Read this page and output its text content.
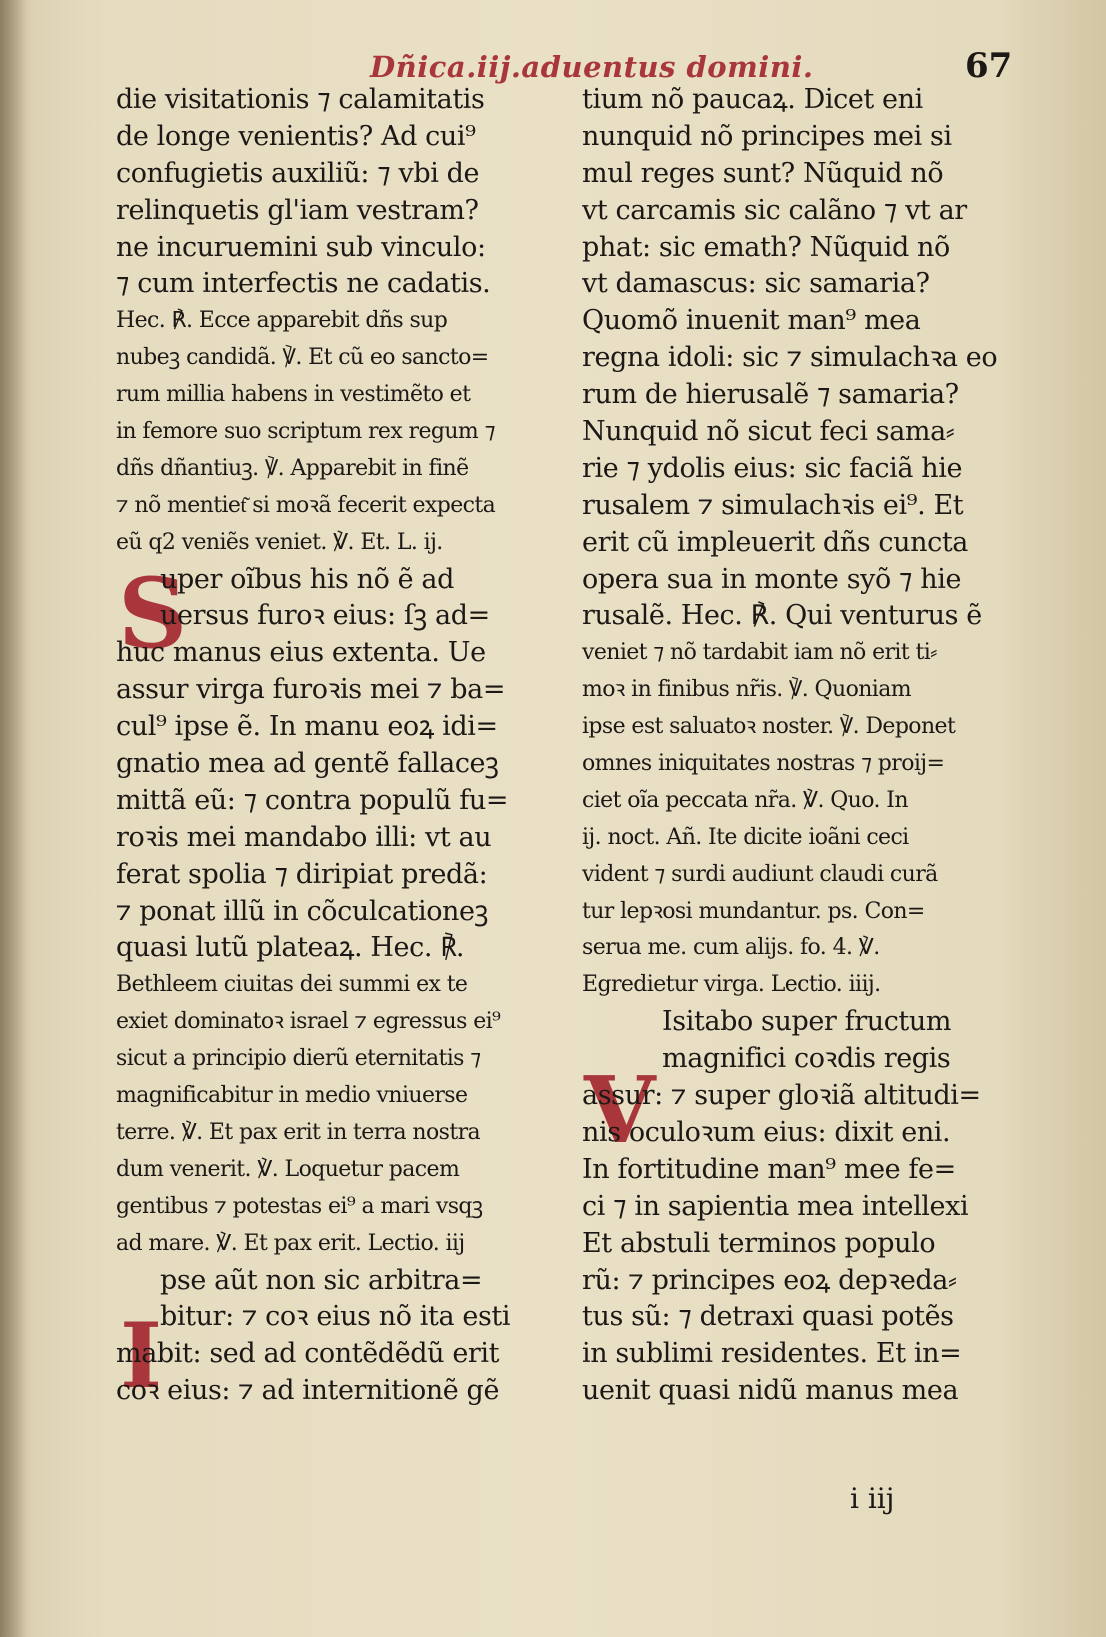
Dñica.iij.aduentus domini.	67
S
I
V
die visitationis ⁊ calamitatis
de longe venientis? Ad cui⁹
confugietis auxiliũ: ⁊ vbi de
relinquetis gl'iam vestram?
ne incuruemini sub vinculo:
⁊ cum interfectis ne cadatis.
Hec. ℟. Ecce apparebit dñs sup
nubeꝫ candidã. ℣. Et cũ eo sancto=
rum millia habens in vestimẽto et
in femore suo scriptum rex regum ⁊
dñs dñantiuꝫ. ℣. Apparebit in finẽ
⁊ nõ mentiet͂ si moꝛã fecerit expecta
eũ q2 veniẽs veniet. ℣. Et. L. ij.
uper oĩbus his nõ ẽ ad
uersus furoꝛ eius: ſꝫ ad=
huc manus eius extenta. Ue
assur virga furoꝛis mei ⁊ ba=
cul⁹ ipse ẽ. In manu eoꝝ idi=
gnatio mea ad gentẽ fallaceꝫ
mittã eũ: ⁊ contra populũ fu=
roꝛis mei mandabo illi: vt au
ferat spolia ⁊ diripiat predã:
⁊ ponat illũ in cõculcationeꝫ
quasi lutũ plateaꝝ. Hec. ℟.
Bethleem ciuitas dei summi ex te
exiet dominatoꝛ israel ⁊ egressus ei⁹
sicut a principio dierũ eternitatis ⁊
magnificabitur in medio vniuerse
terre. ℣. Et pax erit in terra nostra
dum venerit. ℣. Loquetur pacem
gentibus ⁊ potestas ei⁹ a mari vsqꝫ
ad mare. ℣. Et pax erit. Lectio. iij
pse aũt non sic arbitra=
bitur: ⁊ coꝛ eius nõ ita esti
mabit: sed ad contẽdẽdũ erit
coꝛ eius: ⁊ ad internitionẽ gẽ
tium nõ paucaꝝ. Dicet eni
nunquid nõ principes mei si
mul reges sunt? Nũquid nõ
vt carcamis sic calãno ⁊ vt ar
phat: sic emath? Nũquid nõ
vt damascus: sic samaria?
Quomõ inuenit man⁹ mea
regna idoli: sic ⁊ simulachꝛa eo
rum de hierusalẽ ⁊ samaria?
Nunquid nõ sicut feci sama⸗
rie ⁊ ydolis eius: sic faciã hie
rusalem ⁊ simulachꝛis ei⁹. Et
erit cũ impleuerit dñs cuncta
opera sua in monte syõ ⁊ hie
rusalẽ. Hec. ℟. Qui venturus ẽ
veniet ⁊ nõ tardabit iam nõ erit ti⸗
moꝛ in finibus nr̃is. ℣. Quoniam
ipse est saluatoꝛ noster. ℣. Deponet
omnes iniquitates nostras ⁊ proij=
ciet oĩa peccata nr̃a. ℣. Quo. In
ij. noct. Añ. Ite dicite ioãni ceci
vident ⁊ surdi audiunt claudi curã
tur lepꝛosi mundantur. ps. Con=
serua me. cum alijs. fo. 4. ℣.
Egredietur virga. Lectio. iiij.
Isitabo super fructum
magnifici coꝛdis regis
assur: ⁊ super gloꝛiã altitudi=
nis oculoꝛum eius: dixit eni.
In fortitudine man⁹ mee fe=
ci ⁊ in sapientia mea intellexi
Et abstuli terminos populo
rũ: ⁊ principes eoꝝ depꝛeda⸗
tus sũ: ⁊ detraxi quasi potẽs
in sublimi residentes. Et in=
uenit quasi nidũ manus mea
i iij
